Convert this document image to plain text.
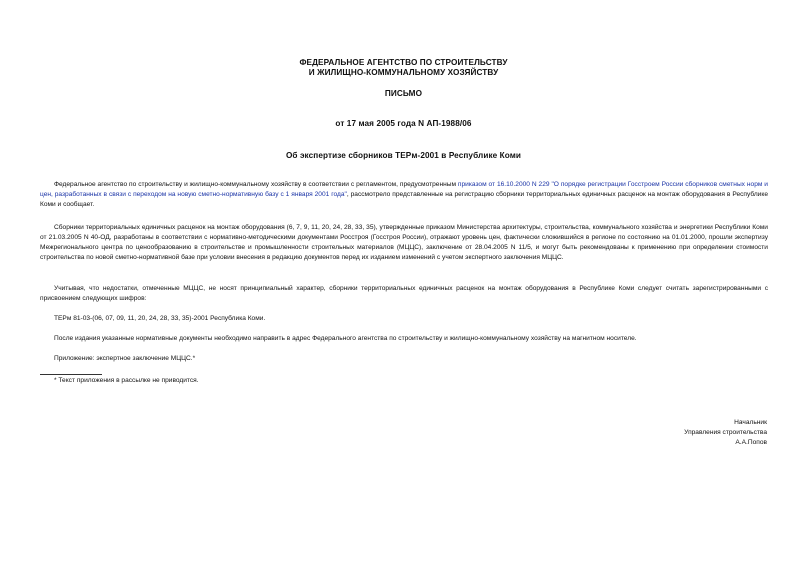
ФЕДЕРАЛЬНОЕ АГЕНТСТВО ПО СТРОИТЕЛЬСТВУ
И ЖИЛИЩНО-КОММУНАЛЬНОМУ ХОЗЯЙСТВУ
ПИСЬМО
от 17 мая 2005 года N АП-1988/06
Об экспертизе сборников ТЕРм-2001 в Республике Коми
Федеральное агентство по строительству и жилищно-коммунальному хозяйству в соответствии с регламентом, предусмотренным приказом от 16.10.2000 N 229 "О порядке регистрации Госстроем России сборников сметных норм и цен, разработанных в связи с переходом на новую сметно-нормативную базу с 1 января 2001 года", рассмотрело представленные на регистрацию сборники территориальных единичных расценок на монтаж оборудования в Республике Коми и сообщает.
Сборники территориальных единичных расценок на монтаж оборудования (6, 7, 9, 11, 20, 24, 28, 33, 35), утвержденные приказом Министерства архитектуры, строительства, коммунального хозяйства и энергетики Республики Коми от 21.03.2005 N 40-ОД, разработаны в соответствии с нормативно-методическими документами Росстроя (Госстроя России), отражают уровень цен, фактически сложившийся в регионе по состоянию на 01.01.2000, прошли экспертизу Межрегионального центра по ценообразованию в строительстве и промышленности строительных материалов (МЦЦС), заключение от 28.04.2005 N 11/5, и могут быть рекомендованы к применению при определении стоимости строительства по новой сметно-нормативной базе при условии внесения в редакцию документов перед их изданием изменений с учетом экспертного заключения МЦЦС.
Учитывая, что недостатки, отмеченные МЦЦС, не носят принципиальный характер, сборники территориальных единичных расценок на монтаж оборудования в Республике Коми следует считать зарегистрированными с присвоением следующих шифров:
ТЕРм 81-03-(06, 07, 09, 11, 20, 24, 28, 33, 35)-2001 Республика Коми.
После издания указанные нормативные документы необходимо направить в адрес Федерального агентства по строительству и жилищно-коммунальному хозяйству на магнитном носителе.
Приложение: экспертное заключение МЦЦС.*
* Текст приложения в рассылке не приводится.
Начальник
Управления строительства
А.А.Попов
